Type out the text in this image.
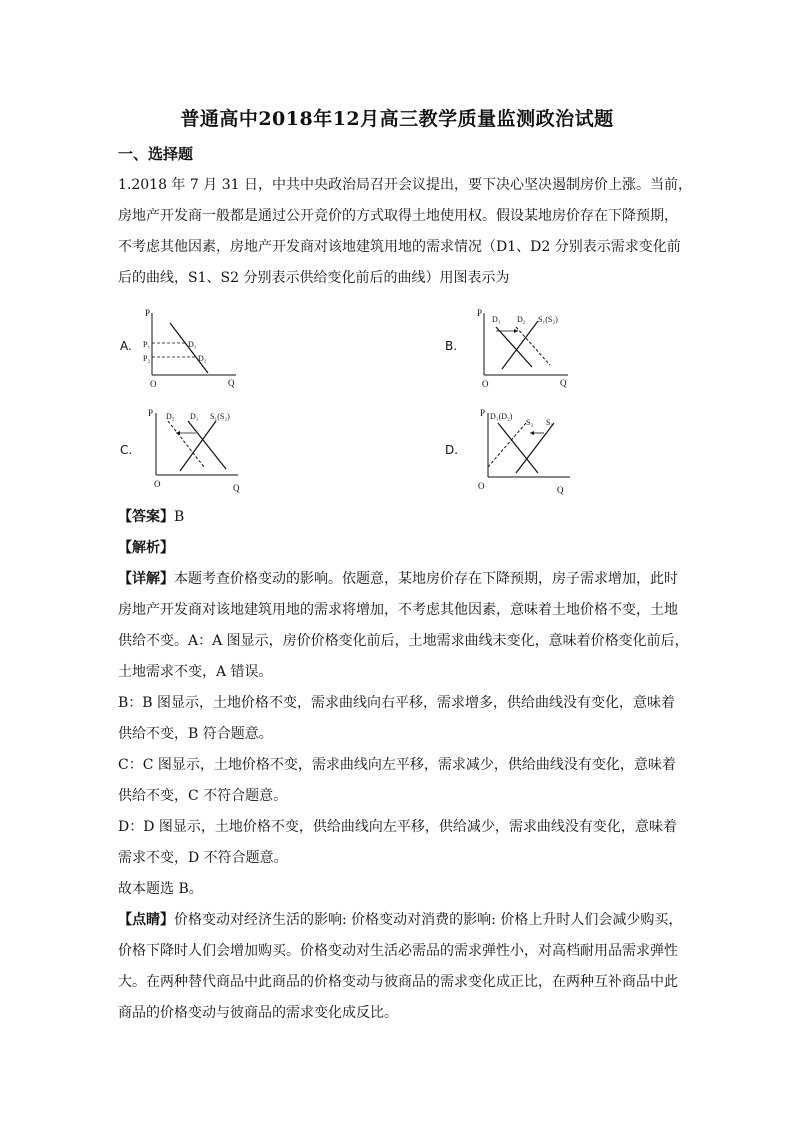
普通高中2018年12月高三教学质量监测政治试题
一、选择题
1.2018 年 7 月 31 日，中共中央政治局召开会议提出，要下决心坚决遏制房价上涨。当前，
房地产开发商一般都是通过公开竞价的方式取得土地使用权。假设某地房价存在下降预期，
不考虑其他因素，房地产开发商对该地建筑用地的需求情况（D1、D2 分别表示需求变化前
后的曲线，S1、S2 分别表示供给变化前后的曲线）用图表示为
A.
P
Q
O
P₁
P₂
D₁
D₂
B.
P
Q
O
D₁ D₂ S₁(S₂)
C.
P
Q
O
D₂ D₁ S₁(S₂)
D.
P
Q
O
D₁(D₂)
S₂ S₁
【答案】B
【解析】
【详解】本题考查价格变动的影响。依题意，某地房价存在下降预期，房子需求增加，此时
房地产开发商对该地建筑用地的需求将增加，不考虑其他因素，意味着土地价格不变，土地
供给不变。A：A 图显示，房价价格变化前后，土地需求曲线未变化，意味着价格变化前后，
土地需求不变，A 错误。
B：B 图显示，土地价格不变，需求曲线向右平移，需求增多，供给曲线没有变化，意味着
供给不变，B 符合题意。
C：C 图显示，土地价格不变，需求曲线向左平移，需求减少，供给曲线没有变化，意味着
供给不变，C 不符合题意。
D：D 图显示，土地价格不变，供给曲线向左平移，供给减少，需求曲线没有变化，意味着
需求不变，D 不符合题意。
故本题选 B。
【点睛】价格变动对经济生活的影响: 价格变动对消费的影响: 价格上升时人们会减少购买，
价格下降时人们会增加购买。价格变动对生活必需品的需求弹性小，对高档耐用品需求弹性
大。在两种替代商品中此商品的价格变动与彼商品的需求变化成正比，在两种互补商品中此
商品的价格变动与彼商品的需求变化成反比。
